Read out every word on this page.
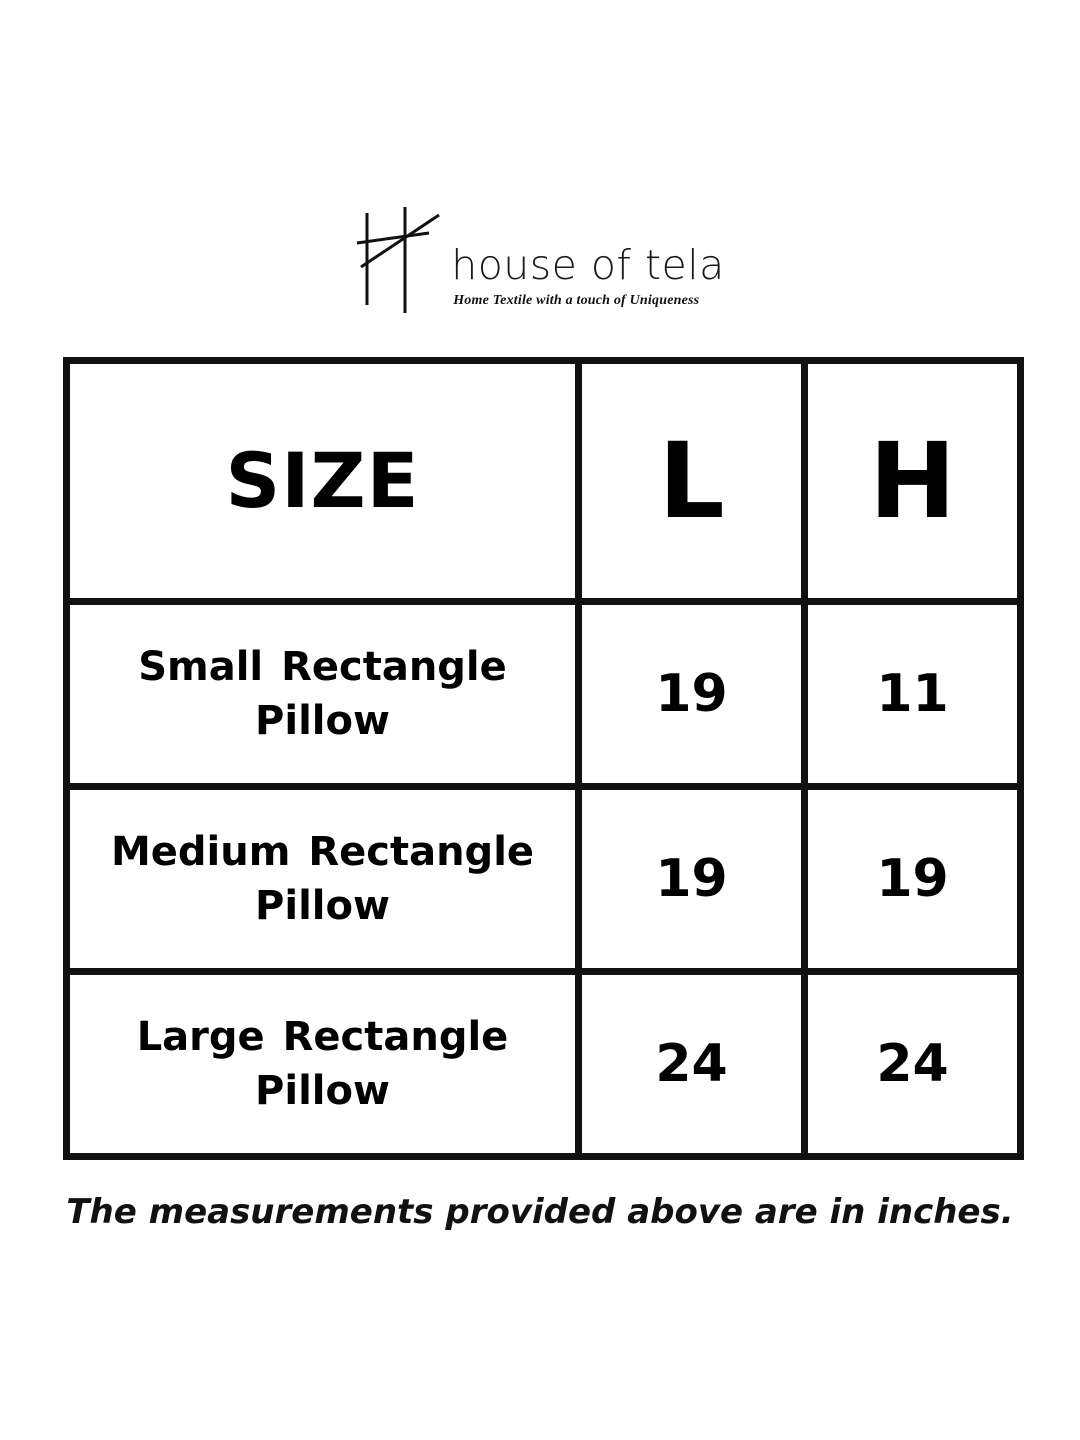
house of tela
Home Textile with a touch of Uniqueness
SIZE	L	H
Small Rectangle Pillow	19	11
Medium Rectangle Pillow	19	19
Large Rectangle Pillow	24	24
The measurements provided above are in inches.
